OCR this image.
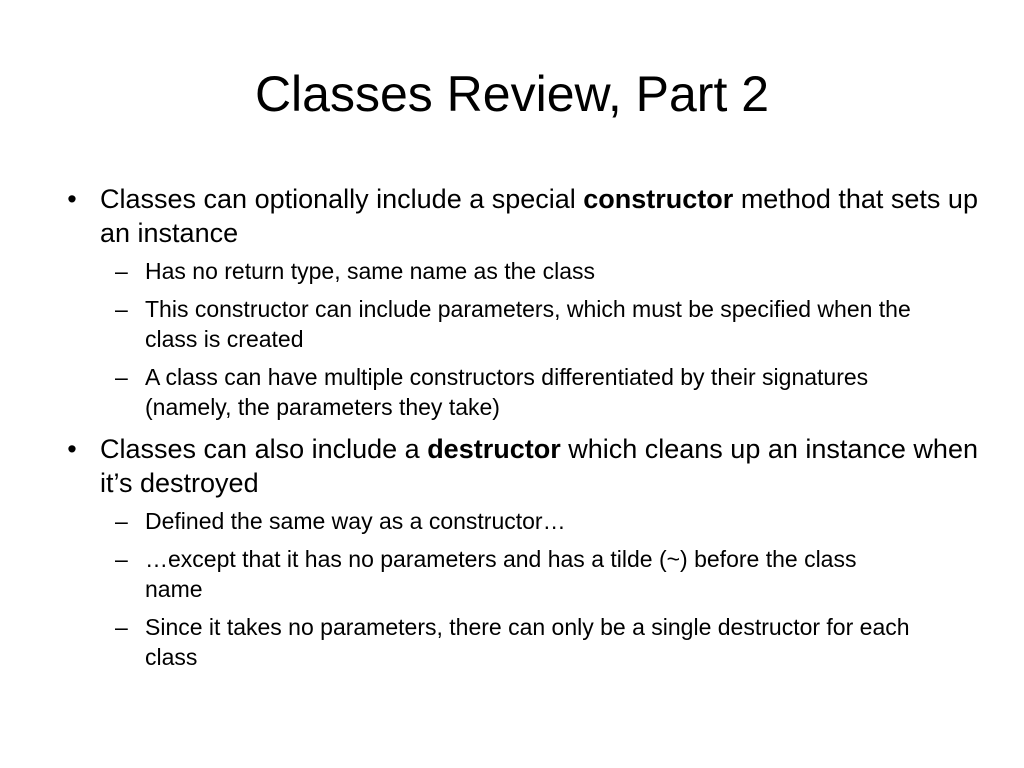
Classes Review, Part 2
• Classes can optionally include a special constructor method that sets up an instance
– Has no return type, same name as the class
– This constructor can include parameters, which must be specified when the class is created
– A class can have multiple constructors differentiated by their signatures (namely, the parameters they take)
• Classes can also include a destructor which cleans up an instance when it’s destroyed
– Defined the same way as a constructor…
– …except that it has no parameters and has a tilde (~) before the class name
– Since it takes no parameters, there can only be a single destructor for each class
